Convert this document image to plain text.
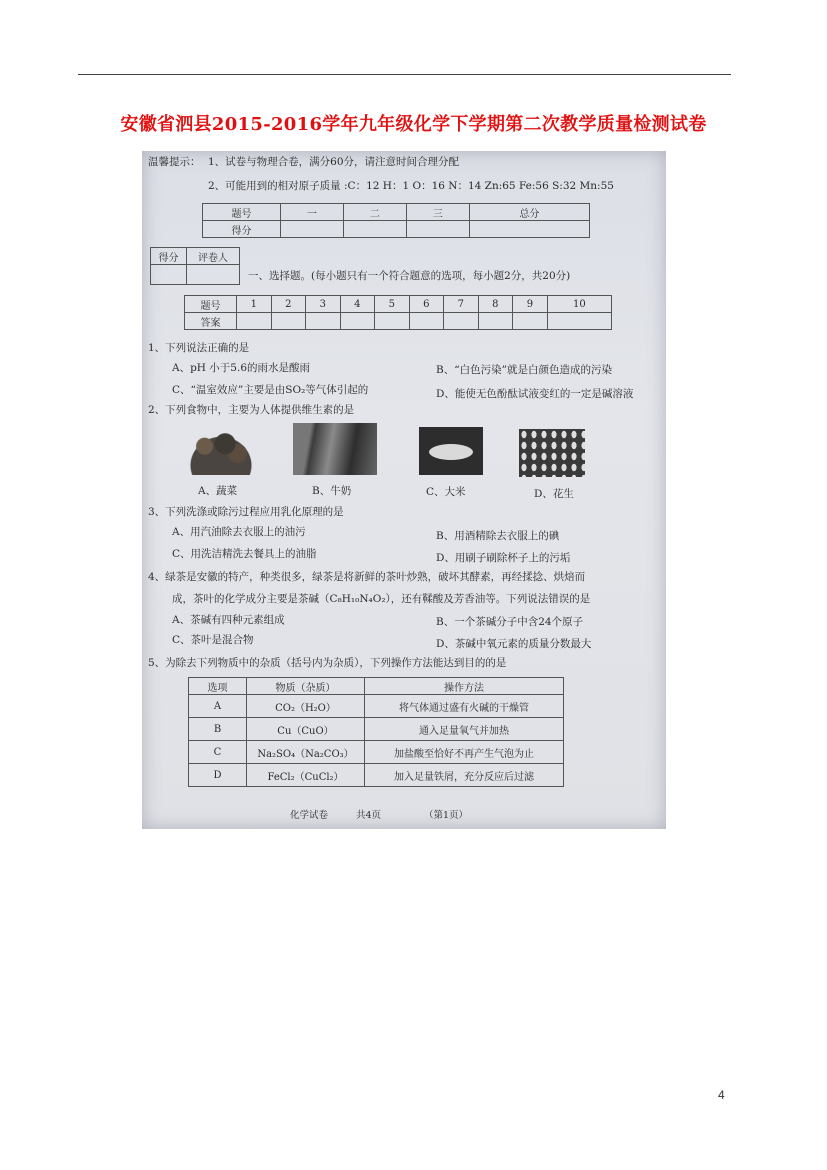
安徽省泗县2015-2016学年九年级化学下学期第二次教学质量检测试卷
温馨提示： 1、试卷与物理合卷，满分60分，请注意时间合理分配
2、可能用到的相对原子质量 :C：12 H：1 O：16 N：14 Zn:65 Fe:56 S:32 Mn:55
题号	一	二	三	总分
得分				
得分	评卷人

一、选择题。(每小题只有一个符合题意的选项，每小题2分，共20分)
题号	1	2	3	4	5	6	7	8	9	10
答案										
1、下列说法正确的是
A、pH 小于5.6的雨水是酸雨	B、“白色污染”就是白颜色造成的污染
C、“温室效应”主要是由SO₂等气体引起的	D、能使无色酚酞试液变红的一定是碱溶液
2、下列食物中，主要为人体提供维生素的是
A、蔬菜	B、牛奶	C、大米	D、花生
3、下列洗涤或除污过程应用乳化原理的是
A、用汽油除去衣服上的油污	B、用酒精除去衣服上的碘
C、用洗洁精洗去餐具上的油脂	D、用刷子刷除杯子上的污垢
4、绿茶是安徽的特产，种类很多，绿茶是将新鲜的茶叶炒熟，破坏其酵素，再经揉捻、烘焙而
成，茶叶的化学成分主要是茶碱（C₈H₁₀N₄O₂），还有鞣酸及芳香油等。下列说法错误的是
A、茶碱有四种元素组成	B、一个茶碱分子中含24个原子
C、茶叶是混合物	D、茶碱中氧元素的质量分数最大
5、为除去下列物质中的杂质（括号内为杂质），下列操作方法能达到目的的是
选项	物质（杂质）	操作方法
A	CO₂（H₂O）	将气体通过盛有火碱的干燥管
B	Cu（CuO）	通入足量氧气并加热
C	Na₂SO₄（Na₂CO₃）	加盐酸至恰好不再产生气泡为止
D	FeCl₂（CuCl₂）	加入足量铁屑，充分反应后过滤
化学试卷	共4页	（第1页）
4
